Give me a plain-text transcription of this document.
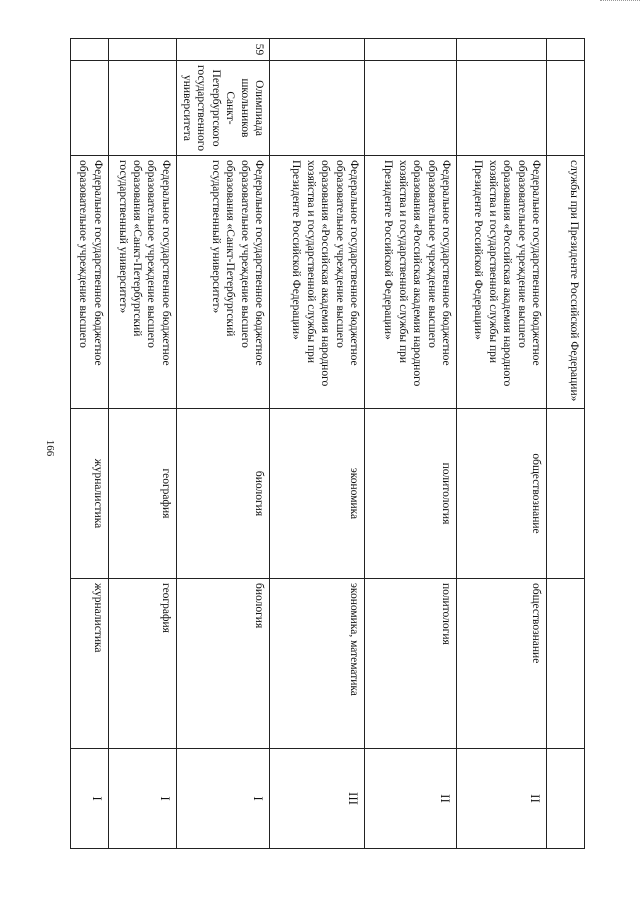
166
		службы при Президенте Российской Федерации»			
		Федеральное государственное бюджетное образовательное учреждение высшего образования «Российская академия народного хозяйства и государственной службы при Президенте Российской Федерации»	обществознание	обществознание	II
		Федеральное государственное бюджетное образовательное учреждение высшего образования «Российская академия народного хозяйства и государственной службы при Президенте Российской Федерации»	политология	политология	II
		Федеральное государственное бюджетное образовательное учреждение высшего образования «Российская академия народного хозяйства и государственной службы при Президенте Российской Федерации»	экономика	экономика, математика	III
59	Олимпиада школьников Санкт-Петербургского государственного университета	Федеральное государственное бюджетное образовательное учреждение высшего образования «Санкт-Петербургский государственный университет»	биология	биология	I
		Федеральное государственное бюджетное образовательное учреждение высшего образования «Санкт-Петербургский государственный университет»	география	география	I
		Федеральное государственное бюджетное образовательное учреждение высшего	журналистика	журналистика	I
